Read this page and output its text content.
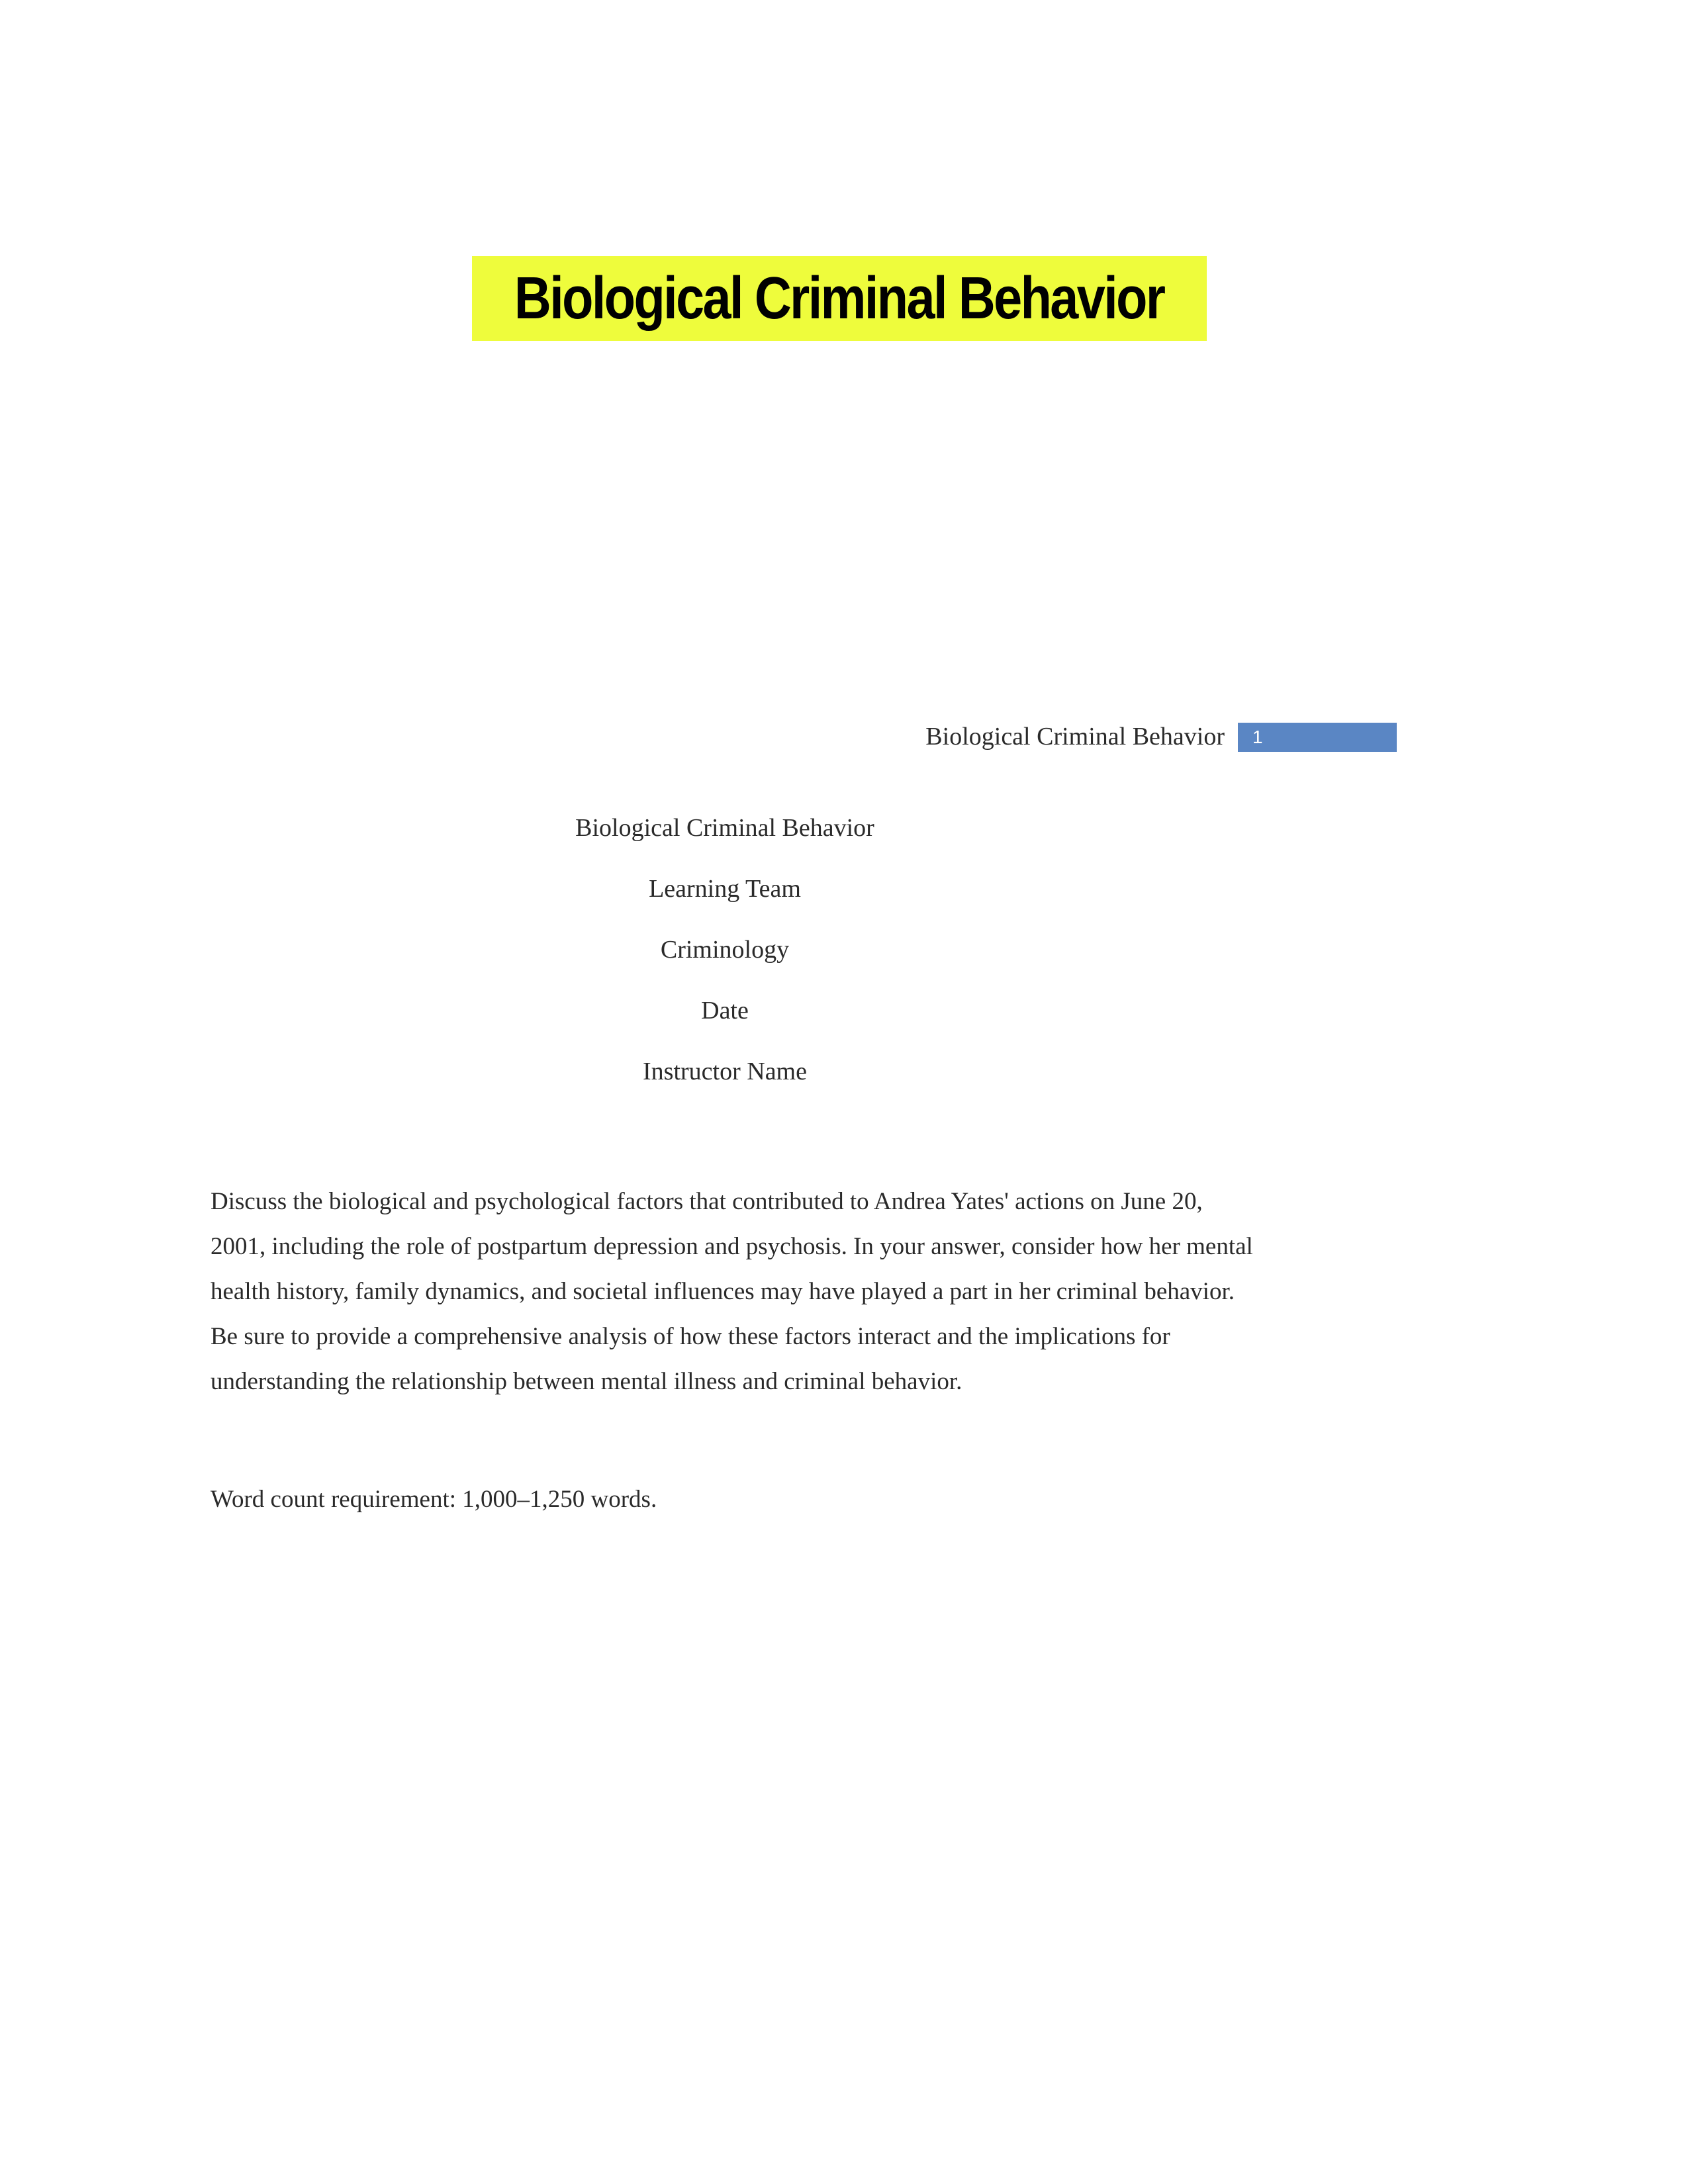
Biological Criminal Behavior
Biological Criminal Behavior	1
Biological Criminal Behavior
Learning Team
Criminology
Date
Instructor Name
Discuss the biological and psychological factors that contributed to Andrea Yates' actions on June 20, 2001, including the role of postpartum depression and psychosis. In your answer, consider how her mental health history, family dynamics, and societal influences may have played a part in her criminal behavior. Be sure to provide a comprehensive analysis of how these factors interact and the implications for understanding the relationship between mental illness and criminal behavior.
Word count requirement: 1,000–1,250 words.
